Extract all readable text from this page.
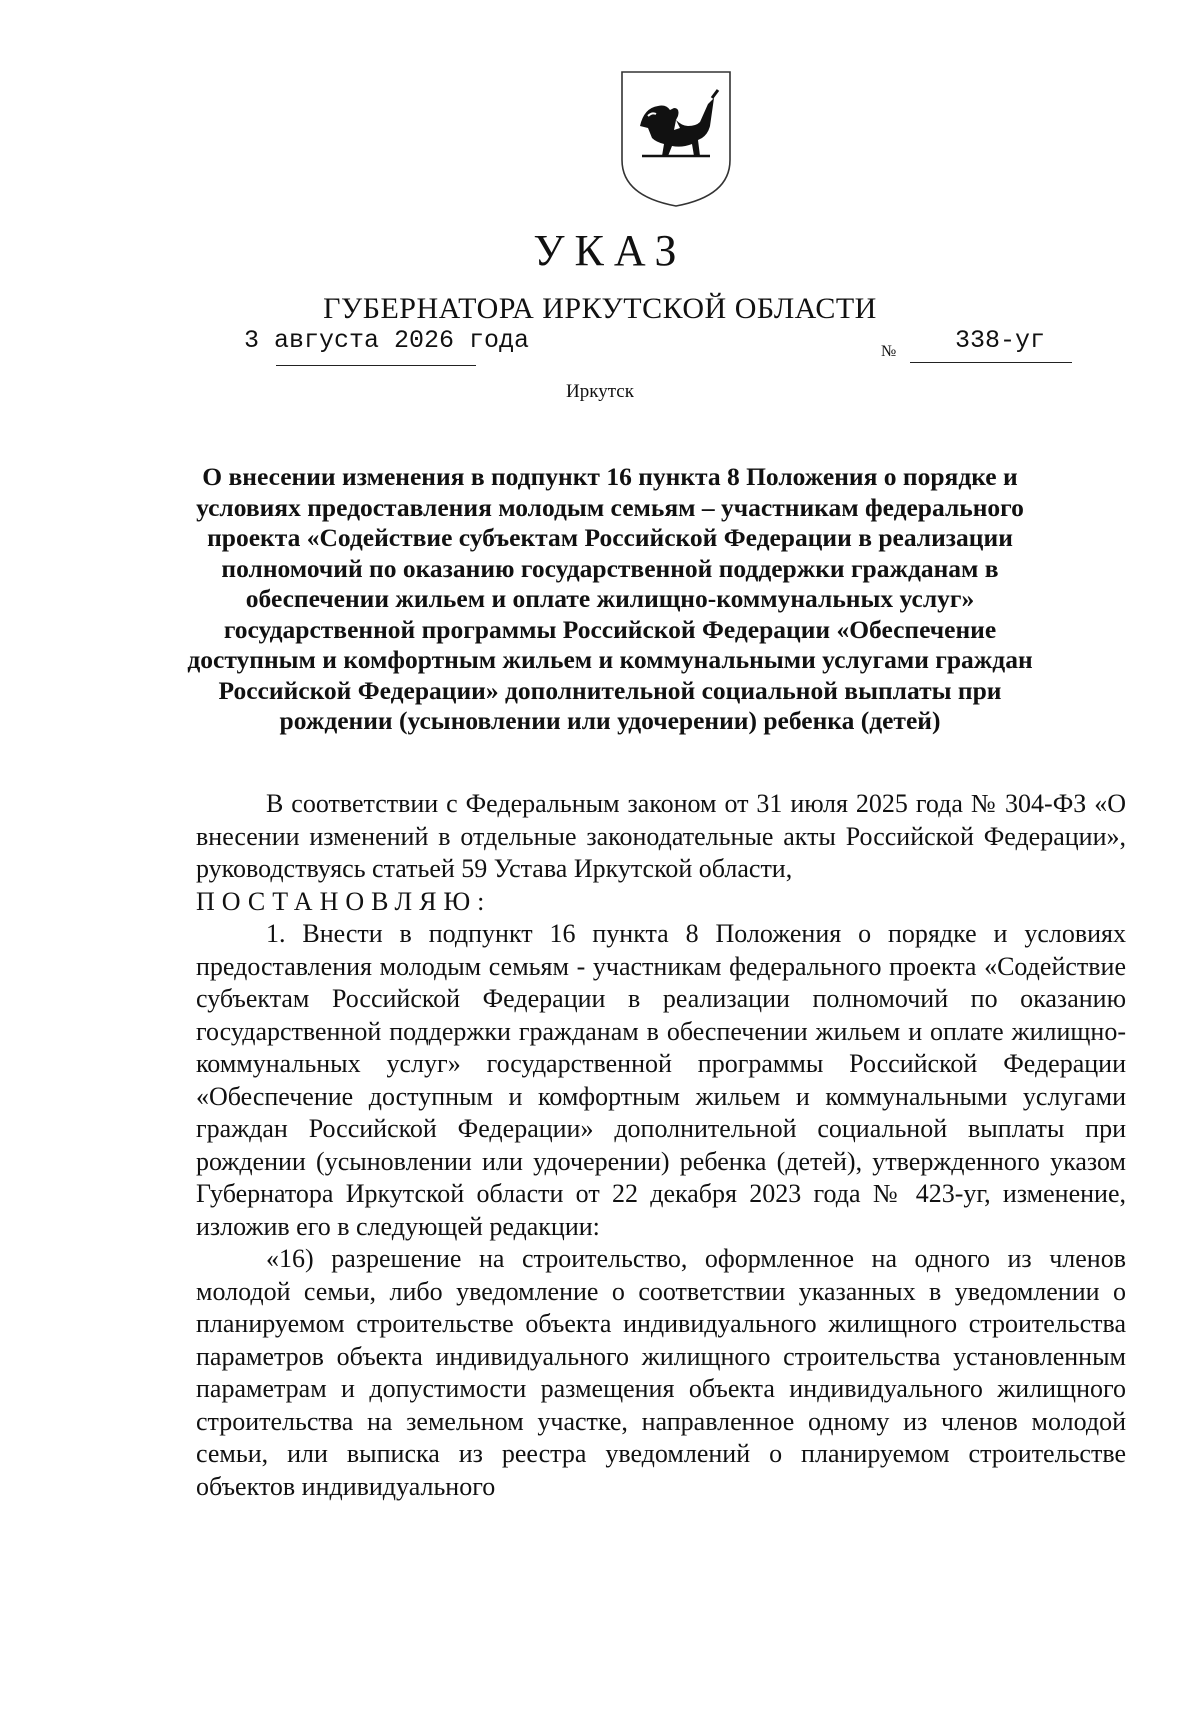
УКАЗ
ГУБЕРНАТОРА ИРКУТСКОЙ ОБЛАСТИ
3 августа 2026 года	№ 338-уг
Иркутск
О внесении изменения в подпункт 16 пункта 8 Положения о порядке и условиях предоставления молодым семьям – участникам федерального проекта «Содействие субъектам Российской Федерации в реализации полномочий по оказанию государственной поддержки гражданам в обеспечении жильем и оплате жилищно-коммунальных услуг» государственной программы Российской Федерации «Обеспечение доступным и комфортным жильем и коммунальными услугами граждан Российской Федерации» дополнительной социальной выплаты при рождении (усыновлении или удочерении) ребенка (детей)

В соответствии с Федеральным законом от 31 июля 2025 года № 304-ФЗ «О внесении изменений в отдельные законодательные акты Российской Федерации», руководствуясь статьей 59 Устава Иркутской области,

ПОСТАНОВЛЯЮ:

1. Внести в подпункт 16 пункта 8 Положения о порядке и условиях предоставления молодым семьям - участникам федерального проекта «Содействие субъектам Российской Федерации в реализации полномочий по оказанию государственной поддержки гражданам в обеспечении жильем и оплате жилищно-коммунальных услуг» государственной программы Российской Федерации «Обеспечение доступным и комфортным жильем и коммунальными услугами граждан Российской Федерации» дополнительной социальной выплаты при рождении (усыновлении или удочерении) ребенка (детей), утвержденного указом Губернатора Иркутской области от 22 декабря 2023 года № 423-уг, изменение, изложив его в следующей редакции:

«16) разрешение на строительство, оформленное на одного из членов молодой семьи, либо уведомление о соответствии указанных в уведомлении о планируемом строительстве объекта индивидуального жилищного строительства параметров объекта индивидуального жилищного строительства установленным параметрам и допустимости размещения объекта индивидуального жилищного строительства на земельном участке, направленное одному из членов молодой семьи, или выписка из реестра уведомлений о планируемом строительстве объектов индивидуального
